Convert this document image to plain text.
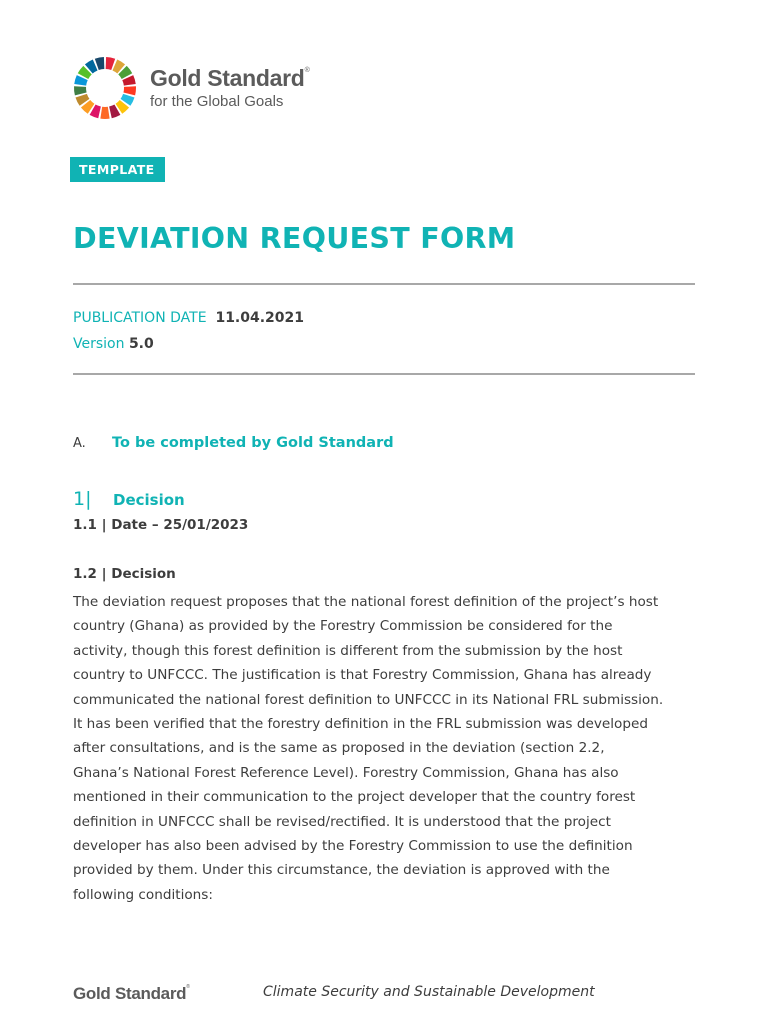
Gold Standard®
for the Global Goals
TEMPLATE
DEVIATION REQUEST FORM
PUBLICATION DATE 11.04.2021
Version 5.0
A.	To be completed by Gold Standard
1|	Decision
1.1 | Date – 25/01/2023
1.2 | Decision

The deviation request proposes that the national forest definition of the project’s host
country (Ghana) as provided by the Forestry Commission be considered for the
activity, though this forest definition is different from the submission by the host
country to UNFCCC. The justification is that Forestry Commission, Ghana has already
communicated the national forest definition to UNFCCC in its National FRL submission.
It has been verified that the forestry definition in the FRL submission was developed
after consultations, and is the same as proposed in the deviation (section 2.2,
Ghana’s National Forest Reference Level). Forestry Commission, Ghana has also
mentioned in their communication to the project developer that the country forest
definition in UNFCCC shall be revised/rectified. It is understood that the project
developer has also been advised by the Forestry Commission to use the definition
provided by them. Under this circumstance, the deviation is approved with the
following conditions:

Gold Standard®	Climate Security and Sustainable Development
